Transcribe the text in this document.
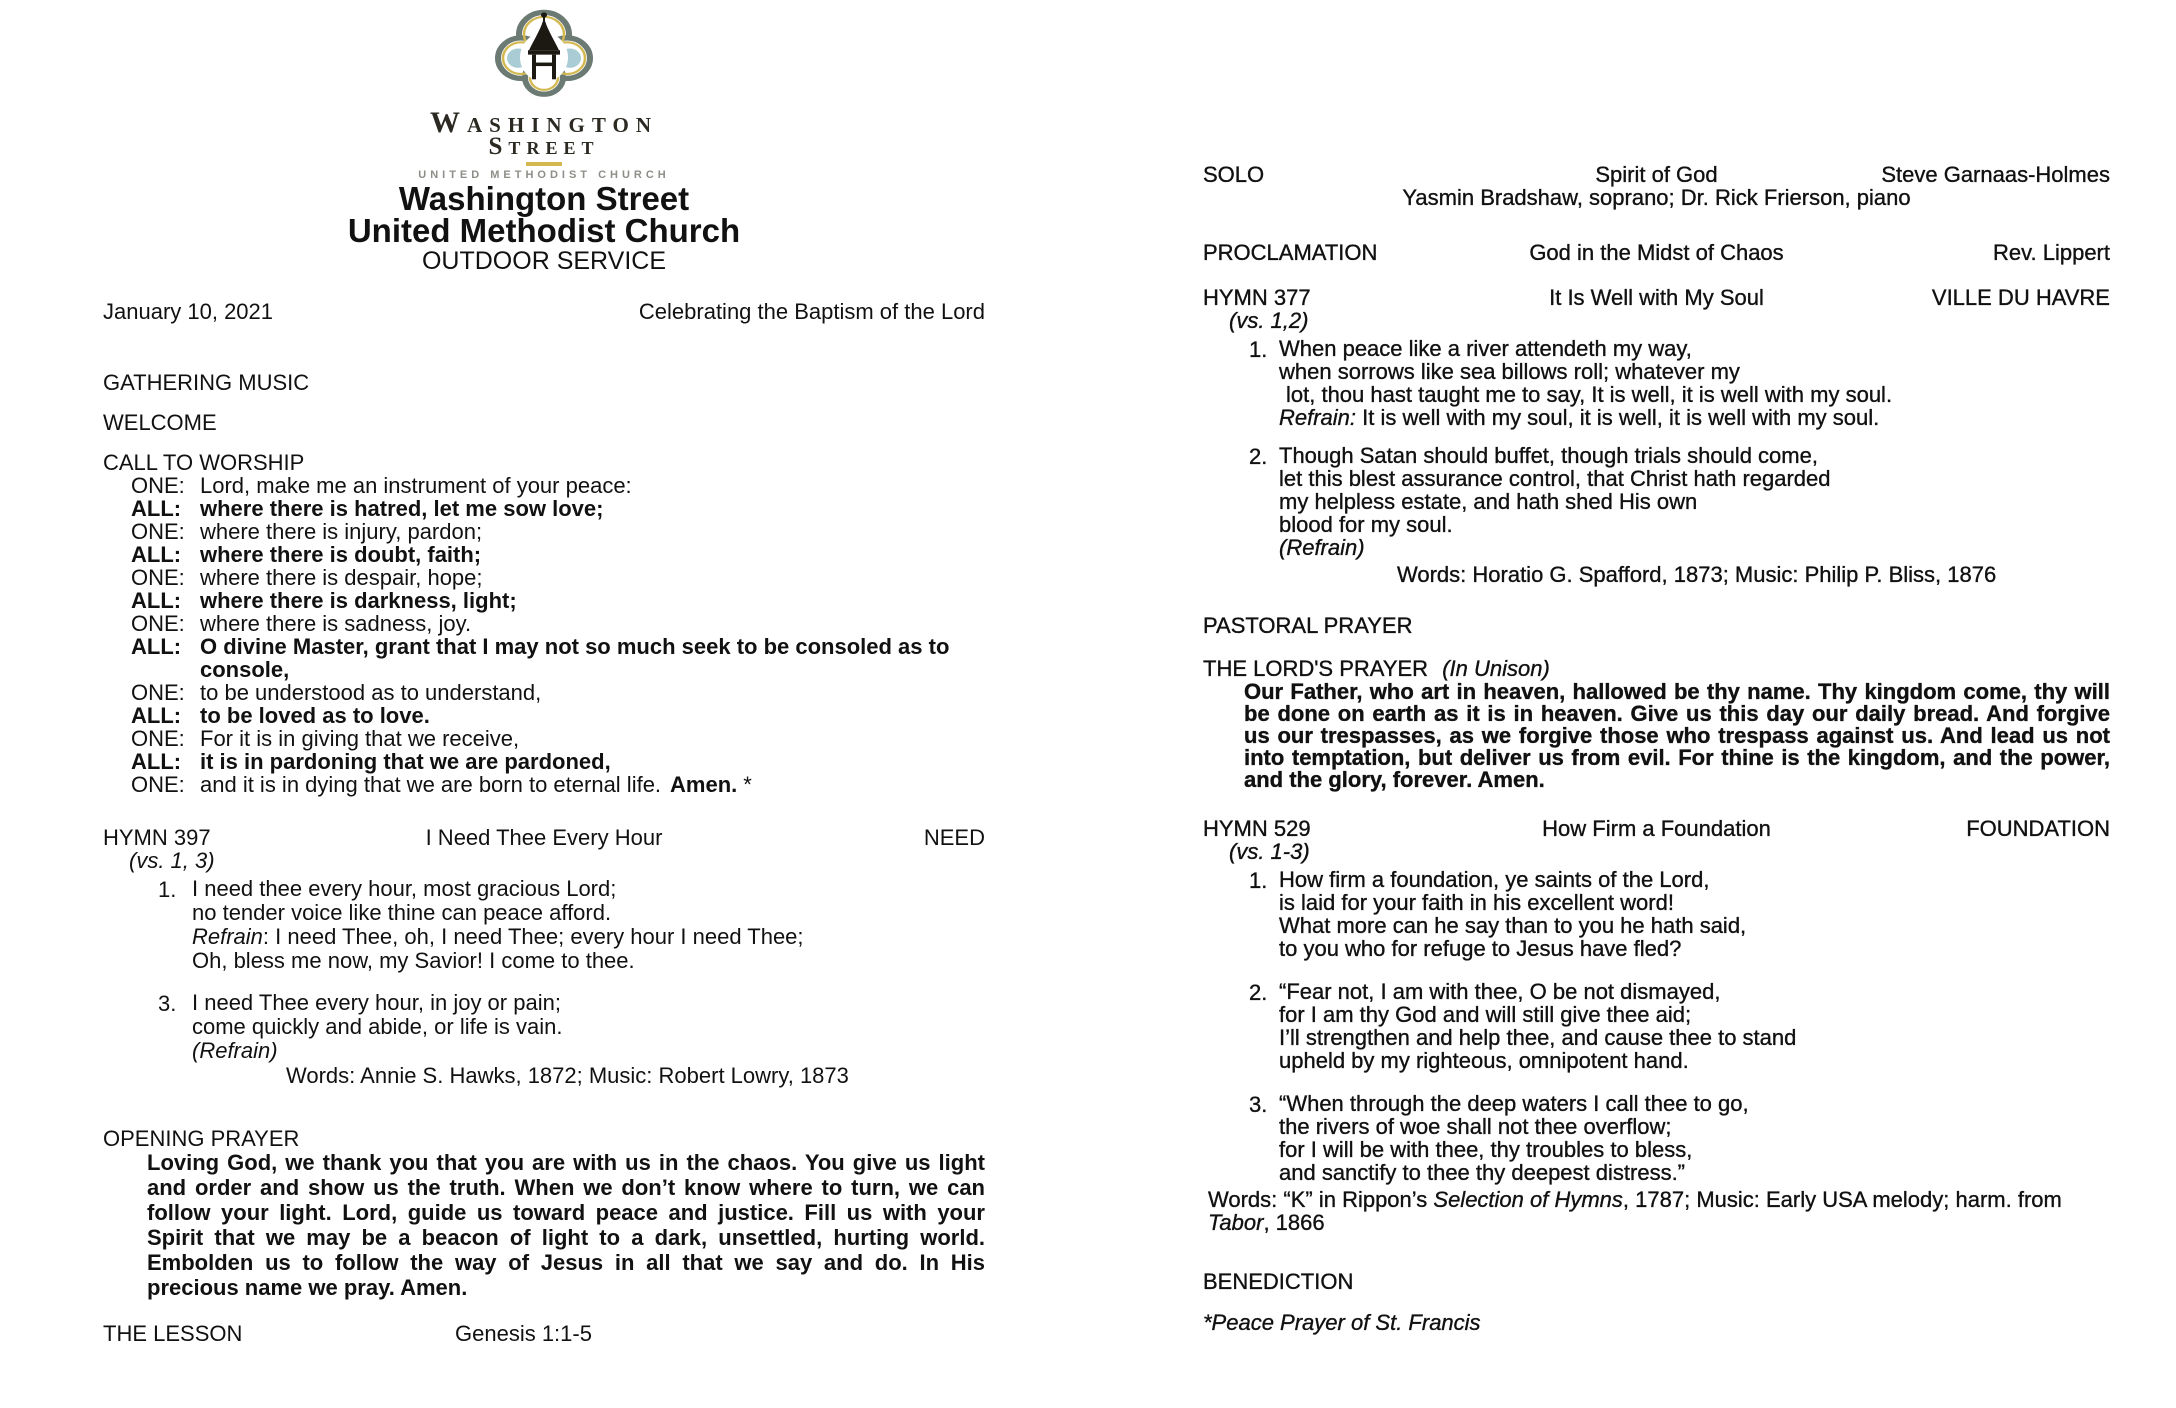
Washington
Street
UNITED METHODIST CHURCH
Washington Street
United Methodist Church
OUTDOOR SERVICE
January 10, 2021	Celebrating the Baptism of the Lord
GATHERING MUSIC
WELCOME
CALL TO WORSHIP
ONE: Lord, make me an instrument of your peace:
ALL: where there is hatred, let me sow love;
ONE: where there is injury, pardon;
ALL: where there is doubt, faith;
ONE: where there is despair, hope;
ALL: where there is darkness, light;
ONE: where there is sadness, joy.
ALL: O divine Master, grant that I may not so much seek to be consoled as to console,
ONE: to be understood as to understand,
ALL: to be loved as to love.
ONE: For it is in giving that we receive,
ALL: it is in pardoning that we are pardoned,
ONE: and it is in dying that we are born to eternal life. Amen. *
HYMN 397	I Need Thee Every Hour	NEED
(vs. 1, 3)
1. I need thee every hour, most gracious Lord;
no tender voice like thine can peace afford.
Refrain: I need Thee, oh, I need Thee; every hour I need Thee;
Oh, bless me now, my Savior! I come to thee.
3. I need Thee every hour, in joy or pain;
come quickly and abide, or life is vain.
(Refrain)
Words: Annie S. Hawks, 1872; Music: Robert Lowry, 1873
OPENING PRAYER
Loving God, we thank you that you are with us in the chaos. You give us light and order and show us the truth. When we don’t know where to turn, we can follow your light. Lord, guide us toward peace and justice. Fill us with your Spirit that we may be a beacon of light to a dark, unsettled, hurting world. Embolden us to follow the way of Jesus in all that we say and do. In His precious name we pray. Amen.
THE LESSON	Genesis 1:1-5
SOLO	Spirit of God	Steve Garnaas-Holmes
Yasmin Bradshaw, soprano; Dr. Rick Frierson, piano
PROCLAMATION	God in the Midst of Chaos	Rev. Lippert
HYMN 377	It Is Well with My Soul	VILLE DU HAVRE
(vs. 1,2)
1. When peace like a river attendeth my way,
when sorrows like sea billows roll; whatever my
lot, thou hast taught me to say, It is well, it is well with my soul.
Refrain: It is well with my soul, it is well, it is well with my soul.
2. Though Satan should buffet, though trials should come,
let this blest assurance control, that Christ hath regarded
my helpless estate, and hath shed His own
blood for my soul.
(Refrain)
Words: Horatio G. Spafford, 1873; Music: Philip P. Bliss, 1876
PASTORAL PRAYER
THE LORD'S PRAYER (In Unison)
Our Father, who art in heaven, hallowed be thy name. Thy kingdom come, thy will be done on earth as it is in heaven. Give us this day our daily bread. And forgive us our trespasses, as we forgive those who trespass against us. And lead us not into temptation, but deliver us from evil. For thine is the kingdom, and the power, and the glory, forever. Amen.
HYMN 529	How Firm a Foundation	FOUNDATION
(vs. 1-3)
1. How firm a foundation, ye saints of the Lord,
is laid for your faith in his excellent word!
What more can he say than to you he hath said,
to you who for refuge to Jesus have fled?
2. “Fear not, I am with thee, O be not dismayed,
for I am thy God and will still give thee aid;
I’ll strengthen and help thee, and cause thee to stand
upheld by my righteous, omnipotent hand.
3. “When through the deep waters I call thee to go,
the rivers of woe shall not thee overflow;
for I will be with thee, thy troubles to bless,
and sanctify to thee thy deepest distress.”
Words: “K” in Rippon’s Selection of Hymns, 1787; Music: Early USA melody; harm. from Tabor, 1866
BENEDICTION
*Peace Prayer of St. Francis
